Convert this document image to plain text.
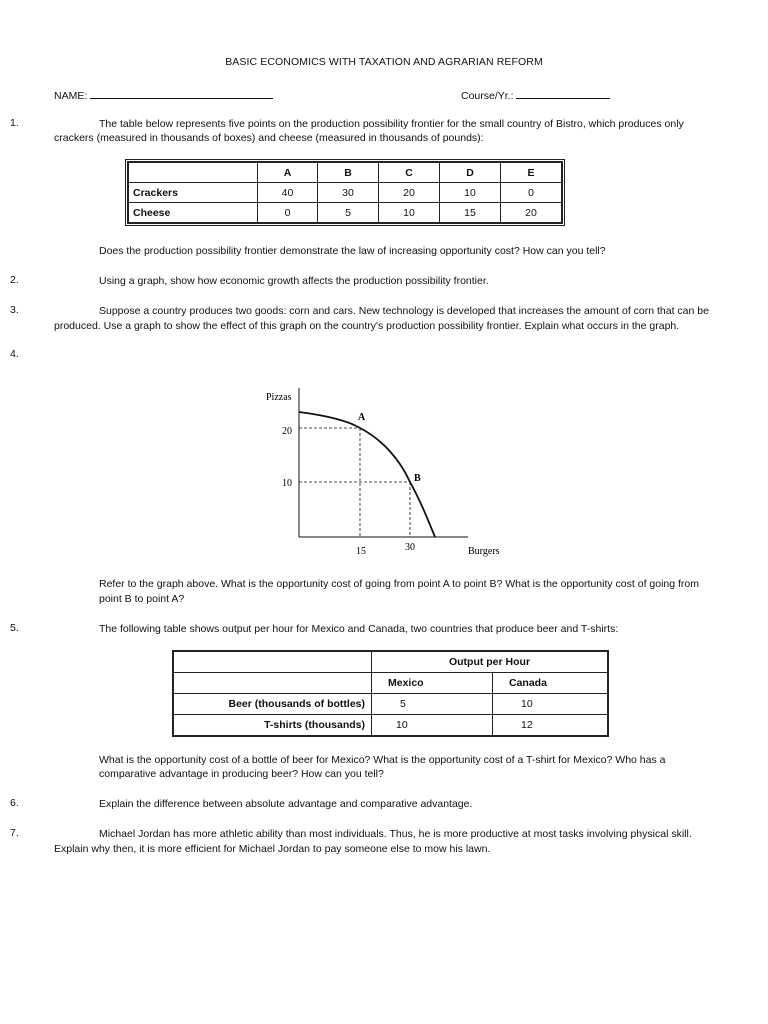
BASIC ECONOMICS WITH TAXATION AND AGRARIAN REFORM
NAME:	Course/Yr.:
1.	The table below represents five points on the production possibility frontier for the small country of Bistro, which produces only
crackers (measured in thousands of boxes) and cheese (measured in thousands of pounds):
	A	B	C	D	E
Crackers	40	30	20	10	0
Cheese	0	5	10	15	20
Does the production possibility frontier demonstrate the law of increasing opportunity cost? How can you tell?
2.	Using a graph, show how economic growth affects the production possibility frontier.
3.	Suppose a country produces two goods: corn and cars. New technology is developed that increases the amount of corn that can be
produced. Use a graph to show the effect of this graph on the country's production possibility frontier. Explain what occurs in the graph.
4.
Pizzas
20
10
15	30	Burgers
A
B
Refer to the graph above. What is the opportunity cost of going from point A to point B? What is the opportunity cost of going from
point B to point A?
5.	The following table shows output per hour for Mexico and Canada, two countries that produce beer and T-shirts:
	Output per Hour	
	Mexico	Canada
Beer (thousands of bottles)	5	10
T-shirts (thousands)	10	12
What is the opportunity cost of a bottle of beer for Mexico? What is the opportunity cost of a T-shirt for Mexico? Who has a
comparative advantage in producing beer? How can you tell?
6.	Explain the difference between absolute advantage and comparative advantage.
7.	Michael Jordan has more athletic ability than most individuals. Thus, he is more productive at most tasks involving physical skill.
Explain why then, it is more efficient for Michael Jordan to pay someone else to mow his lawn.
